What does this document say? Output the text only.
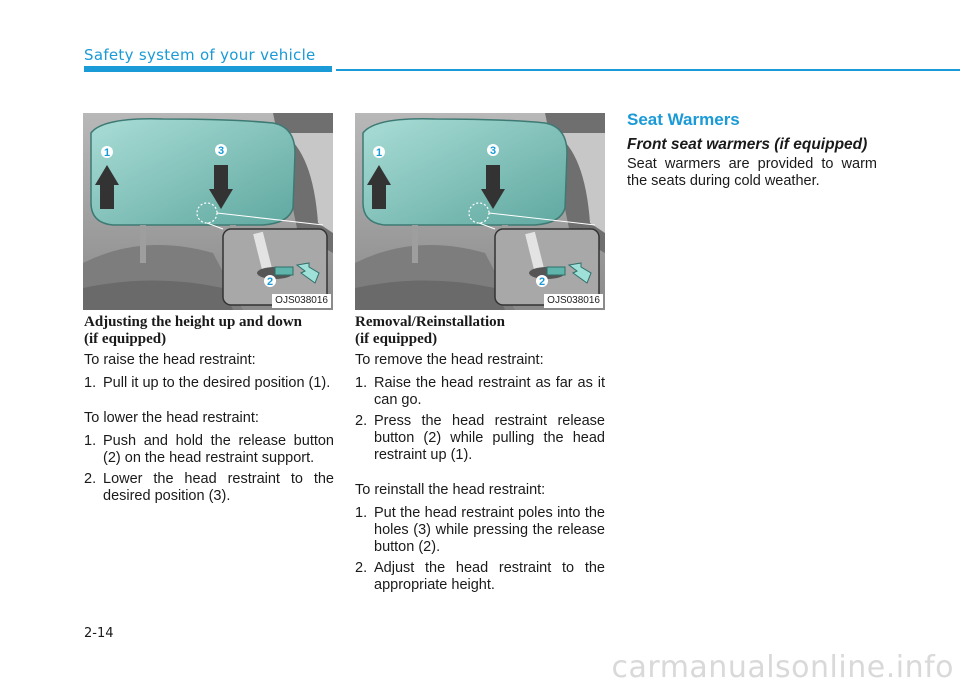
Safety system of your vehicle
1	3
2
OJS038016
1	3
2
OJS038016
Adjusting the height up and down
(if equipped)

To raise the head restraint:

1. Pull it up to the desired position (1).

To lower the head restraint:

1. Push and hold the release button (2) on the head restraint support.
2. Lower the head restraint to the desired position (3).
Removal/Reinstallation
(if equipped)

To remove the head restraint:

1. Raise the head restraint as far as it can go.
2. Press the head restraint release button (2) while pulling the head restraint up (1).

To reinstall the head restraint:

1. Put the head restraint poles into the holes (3) while pressing the release button (2).
2. Adjust the head restraint to the appropriate height.
Seat Warmers
Front seat warmers (if equipped)

Seat warmers are provided to warm the seats during cold weather.

2-14
carmanualsonline.info
